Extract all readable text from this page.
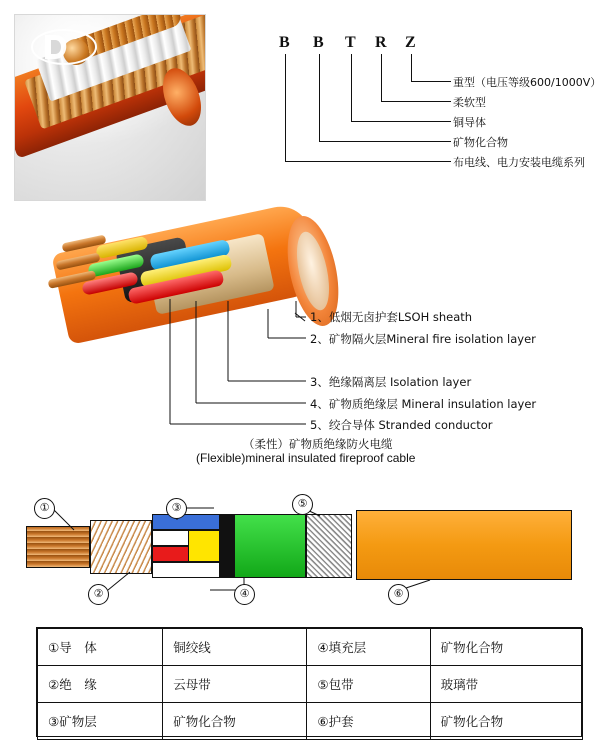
B B T R Z
重型（电压等级600/1000V）
柔软型
铜导体
矿物化合物
布电线、电力安装电缆系列
1、低烟无卤护套LSOH sheath
2、矿物隔火层Mineral fire isolation layer
3、绝缘隔离层 Isolation layer
4、矿物质绝缘层 Mineral insulation layer
5、绞合导体 Stranded conductor
（柔性）矿物质绝缘防火电缆
(Flexible)mineral insulated fireproof cable
①	③	⑤
②	④	⑥
①导　体	铜绞线	④填充层	矿物化合物
②绝　缘	云母带	⑤包带	玻璃带
③矿物层	矿物化合物	⑥护套	矿物化合物
